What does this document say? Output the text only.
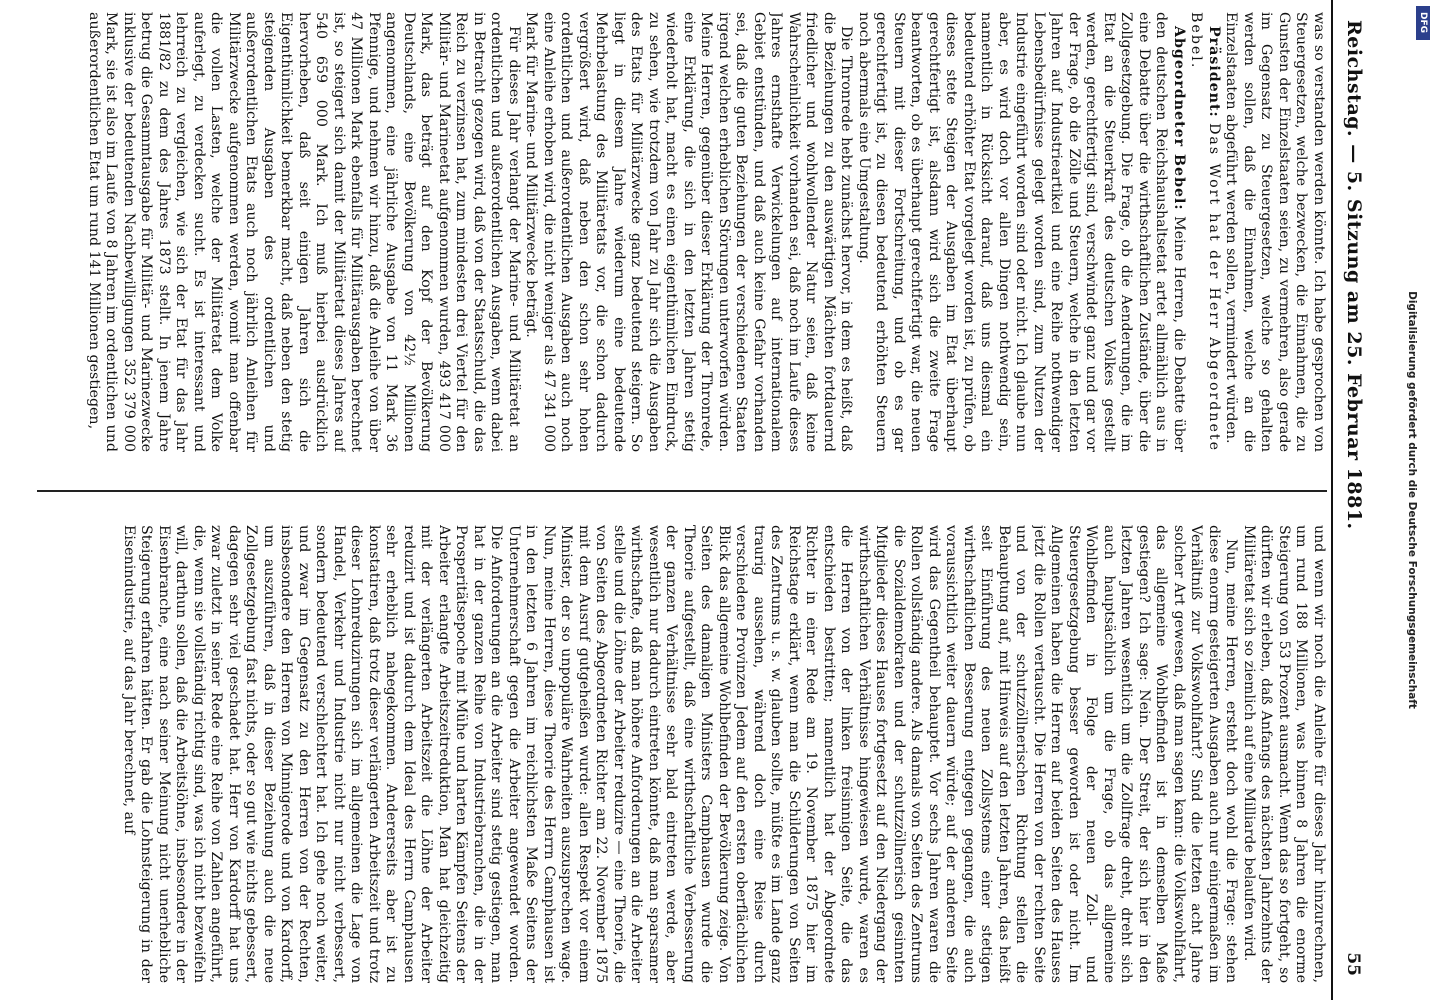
Reichstag. — 5. Sitzung am 25. Februar 1881.
55

was so verstanden werden könnte. Ich habe gesprochen von Steuergesetzen, welche bezwecken, die Einnahmen, die zu Gunsten der Einzelstaaten seien, zu vermehren, also gerade im Gegensatz zu Steuergesetzen, welche so gehalten werden sollen, daß die Einnahmen, welche an die Einzelstaaten abgeführt werden sollen, vermindert würden.

Präsident: Das Wort hat der Herr Abgeordnete Bebel.

Abgeordneter Bebel: Meine Herren, die Debatte über den deutschen Reichshaushaltsetat artet allmählich aus in eine Debatte über die wirthschaftlichen Zustände, über die Zollgesetzgebung. Die Frage, ob die Aenderungen, die im Etat an die Steuerkraft des deutschen Volkes gestellt werden, gerechtfertigt sind, verschwindet ganz und gar vor der Frage, ob die Zölle und Steuern, welche in den letzten Jahren auf Industrieartikel und eine Reihe nothwendiger Lebensbedürfnisse gelegt worden sind, zum Nutzen der Industrie eingeführt worden sind oder nicht. Ich glaube nun aber, es wird doch vor allen Dingen nothwendig sein, namentlich in Rücksicht darauf, daß uns diesmal ein bedeutend erhöhter Etat vorgelegt worden ist, zu prüfen, ob dieses stete Steigen der Ausgaben im Etat überhaupt gerechtfertigt ist, alsdann wird sich die zweite Frage beantworten, ob es überhaupt gerechtfertigt war, die neuen Steuern mit dieser Fortschreitung, und ob es gar gerechtfertigt ist, zu diesen bedeutend erhöhten Steuern noch abermals eine Umgestaltung.

Die Thronrede hebt zunächst hervor, in dem es heißt, daß die Beziehungen zu den auswärtigen Mächten fortdauernd friedlicher und wohlwollender Natur seien, daß keine Wahrscheinlichkeit vorhanden sei, daß noch im Laufe dieses Jahres ernsthafte Verwickelungen auf internationalem Gebiet entstünden, und daß auch keine Gefahr vorhanden sei, daß die guten Beziehungen der verschiedenen Staaten irgend welchen erheblichen Störungen unterworfen würden. Meine Herren, gegenüber dieser Erklärung der Thronrede, eine Erklärung, die sich in den letzten Jahren stetig wiederholt hat, macht es einen eigenthümlichen Eindruck, zu sehen, wie trotzdem von Jahr zu Jahr sich die Ausgaben des Etats für Militärzwecke ganz bedeutend steigern. So liegt in diesem Jahre wiederum eine bedeutende Mehrbelastung des Militäretats vor, die schon dadurch vergrößert wird, daß neben den schon sehr hohen ordentlichen und außerordentlichen Ausgaben auch noch eine Anleihe erhoben wird, die nicht weniger als 47 341 000 Mark für Marine- und Militärzwecke beträgt.

Für dieses Jahr verlangt der Marine- und Militäretat an ordentlichen und außerordentlichen Ausgaben, wenn dabei in Betracht gezogen wird, daß von der Staatsschuld, die das Reich zu verzinsen hat, zum mindesten drei Viertel für den Militär- und Marineetat aufgenommen wurden, 493 417 000 Mark, das beträgt auf den Kopf der Bevölkerung Deutschlands, eine Bevölkerung von 42½ Millionen angenommen, eine jährliche Ausgabe von 11 Mark 36 Pfennige, und nehmen wir hinzu, daß die Anleihe von über 47 Millionen Mark ebenfalls für Militärausgaben berechnet ist, so steigert sich damit der Militäretat dieses Jahres auf 540 659 000 Mark. Ich muß hierbei ausdrücklich hervorheben, daß seit einigen Jahren sich die Eigenthümlichkeit bemerkbar macht, daß neben den stetig steigenden Ausgaben des ordentlichen und außerordentlichen Etats auch noch jährlich Anleihen für Militärzwecke aufgenommen werden, womit man offenbar die vollen Lasten, welche der Militäretat dem Volke auferlegt, zu verdecken sucht. Es ist interessant und lehrreich zu vergleichen, wie sich der Etat für das Jahr 1881/82 zu dem des Jahres 1873 stellt. In jenem Jahre betrug die Gesammtausgabe für Militär- und Marinezwecke inklusive der bedeutenden Nachbewilligungen 352 379 000 Mark, sie ist also im Laufe von 8 Jahren im ordentlichen und außerordentlichen Etat um rund 141 Millionen gestiegen,

und wenn wir noch die Anleihe für dieses Jahr hinzurechnen, um rund 188 Millionen, was binnen 8 Jahren die enorme Steigerung von 53 Prozent ausmacht. Wenn das so fortgeht, so dürften wir erleben, daß Anfangs des nächsten Jahrzehnts der Militäretat sich so ziemlich auf eine Milliarde belaufen wird.

Nun, meine Herren, ersteht doch wohl die Frage: stehen diese enorm gesteigerten Ausgaben auch nur einigermaßen im Verhältniß zur Volkswohlfahrt? Sind die letzten acht Jahre solcher Art gewesen, daß man sagen kann: die Volkswohlfahrt, das allgemeine Wohlbefinden ist in demselben Maße gestiegen? Ich sage: Nein. Der Streit, der sich hier in den letzten Jahren wesentlich um die Zollfrage dreht, dreht sich auch hauptsächlich um die Frage, ob das allgemeine Wohlbefinden in Folge der neuen Zoll- und Steuergesetzgebung besser geworden ist oder nicht. Im Allgemeinen haben die Herren auf beiden Seiten des Hauses jetzt die Rollen vertauscht. Die Herren von der rechten Seite und von der schutzzöllnerischen Richtung stellen die Behauptung auf, mit Hinweis auf den letzten Jahren, das heißt seit Einführung des neuen Zollsystems einer stetigen wirthschaftlichen Besserung entgegen gegangen, die auch voraussichtlich weiter dauern würde; auf der anderen Seite wird das Gegentheil behauptet. Vor sechs Jahren waren die Rollen vollständig andere. Als damals von Seiten des Zentrums die Sozialdemokraten und der schutzzöllnerisch gesinnten Mitglieder dieses Hauses fortgesetzt auf den Niedergang der wirthschaftlichen Verhältnisse hingewiesen wurde, waren es die Herren von der linken freisinnigen Seite, die das entschieden bestritten; namentlich hat der Abgeordnete Richter in einer Rede am 19. November 1875 hier im Reichstage erklärt, wenn man die Schilderungen von Seiten des Zentrums u. s. w. glauben sollte, müßte es im Lande ganz traurig aussehen, während doch eine Reise durch verschiedene Provinzen Jedem auf den ersten oberflächlichen Blick das allgemeine Wohlbefinden der Bevölkerung zeige. Von Seiten des damaligen Ministers Camphausen wurde die Theorie aufgestellt, daß eine wirthschaftliche Verbesserung der ganzen Verhältnisse sehr bald eintreten werde, aber wesentlich nur dadurch eintreten könnte, daß man sparsamer wirthschafte, daß man höhere Anforderungen an die Arbeiter stelle und die Löhne der Arbeiter reduzire — eine Theorie, die von Seiten des Abgeordneten Richter am 22. November 1875 mit dem Ausruf gutgeheißen wurde: allen Respekt vor einem Minister, der so unpopuläre Wahrheiten auszusprechen wage. Nun, meine Herren, diese Theorie des Herrn Camphausen ist in den letzten 6 Jahren im reichlichsten Maße Seitens der Unternehmerschaft gegen die Arbeiter angewendet worden. Die Anforderungen an die Arbeiter sind stetig gestiegen, man hat in der ganzen Reihe von Industriebranchen, die in der Prosperitätsepoche mit Mühe und harten Kämpfen Seitens der Arbeiter erlangte Arbeitszeitreduktion, Man hat gleichzeitig mit der verlängerten Arbeitszeit die Löhne der Arbeiter reduzirt und ist dadurch dem Ideal des Herrn Camphausen sehr erheblich nahegekommen. Andererseits aber ist zu konstatiren, daß trotz dieser verlängerten Arbeitszeit und trotz dieser Lohnreduzirungen sich im allgemeinen die Lage von Handel, Verkehr und Industrie nicht nur nicht verbessert, sondern bedeutend verschlechtert hat. Ich gehe noch weiter, und zwar im Gegensatz zu den Herren von der Rechten, insbesondere den Herren von Minnigerode und von Kardorff, um auszuführen, daß in dieser Beziehung auch die neue Zollgesetzgebung fast nichts, oder so gut wie nichts gebessert, dagegen sehr viel geschadet hat. Herr von Kardorff hat uns zwar zuletzt in seiner Rede eine Reihe von Zahlen angeführt, die, wenn sie vollständig richtig sind, was ich nicht bezweifeln will, darthun sollen, daß die Arbeitslöhne, insbesondere in der Eisenbranche, eine nach seiner Meinung nicht unerhebliche Steigerung erfahren hätten. Er gab die Lohnsteigerung in der Eisenindustrie, auf das Jahr berechnet, auf	Digitalisierung gefördert durch die Deutsche Forschungsgemeinschaft
DFG
